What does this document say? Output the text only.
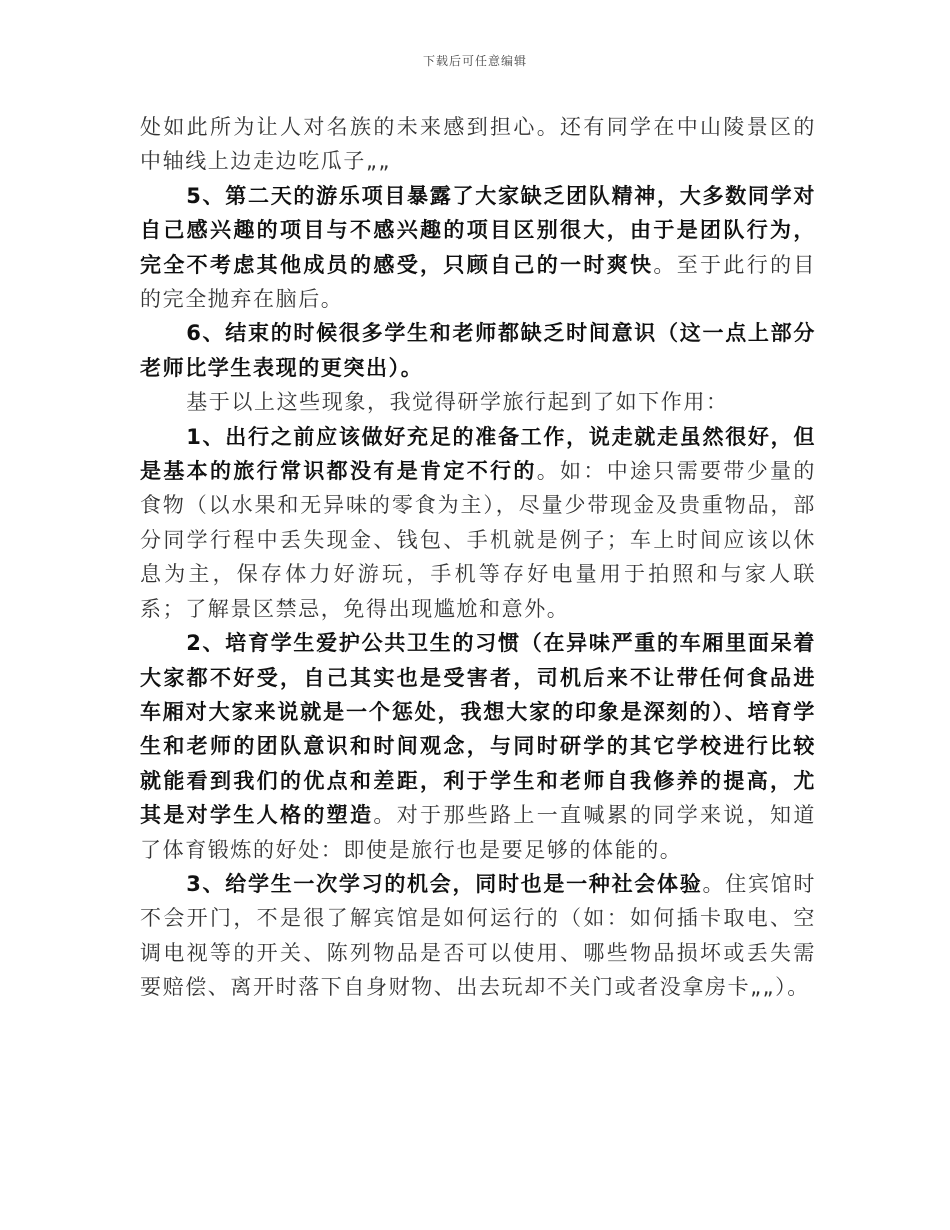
下载后可任意编辑

处如此所为让人对名族的未来感到担心。还有同学在中山陵景区的中轴线上边走边吃瓜子„„

5、第二天的游乐项目暴露了大家缺乏团队精神，大多数同学对自己感兴趣的项目与不感兴趣的项目区别很大，由于是团队行为，完全不考虑其他成员的感受，只顾自己的一时爽快。至于此行的目的完全抛弃在脑后。

6、结束的时候很多学生和老师都缺乏时间意识（这一点上部分老师比学生表现的更突出）。

基于以上这些现象，我觉得研学旅行起到了如下作用：

1、出行之前应该做好充足的准备工作，说走就走虽然很好，但是基本的旅行常识都没有是肯定不行的。如：中途只需要带少量的食物（以水果和无异味的零食为主），尽量少带现金及贵重物品，部分同学行程中丢失现金、钱包、手机就是例子；车上时间应该以休息为主，保存体力好游玩，手机等存好电量用于拍照和与家人联系；了解景区禁忌，免得出现尴尬和意外。

2、培育学生爱护公共卫生的习惯（在异味严重的车厢里面呆着大家都不好受，自己其实也是受害者，司机后来不让带任何食品进车厢对大家来说就是一个惩处，我想大家的印象是深刻的）、培育学生和老师的团队意识和时间观念，与同时研学的其它学校进行比较就能看到我们的优点和差距，利于学生和老师自我修养的提高，尤其是对学生人格的塑造。对于那些路上一直喊累的同学来说，知道了体育锻炼的好处：即使是旅行也是要足够的体能的。

3、给学生一次学习的机会，同时也是一种社会体验。住宾馆时不会开门，不是很了解宾馆是如何运行的（如：如何插卡取电、空调电视等的开关、陈列物品是否可以使用、哪些物品损坏或丢失需要赔偿、离开时落下自身财物、出去玩却不关门或者没拿房卡„„）。
